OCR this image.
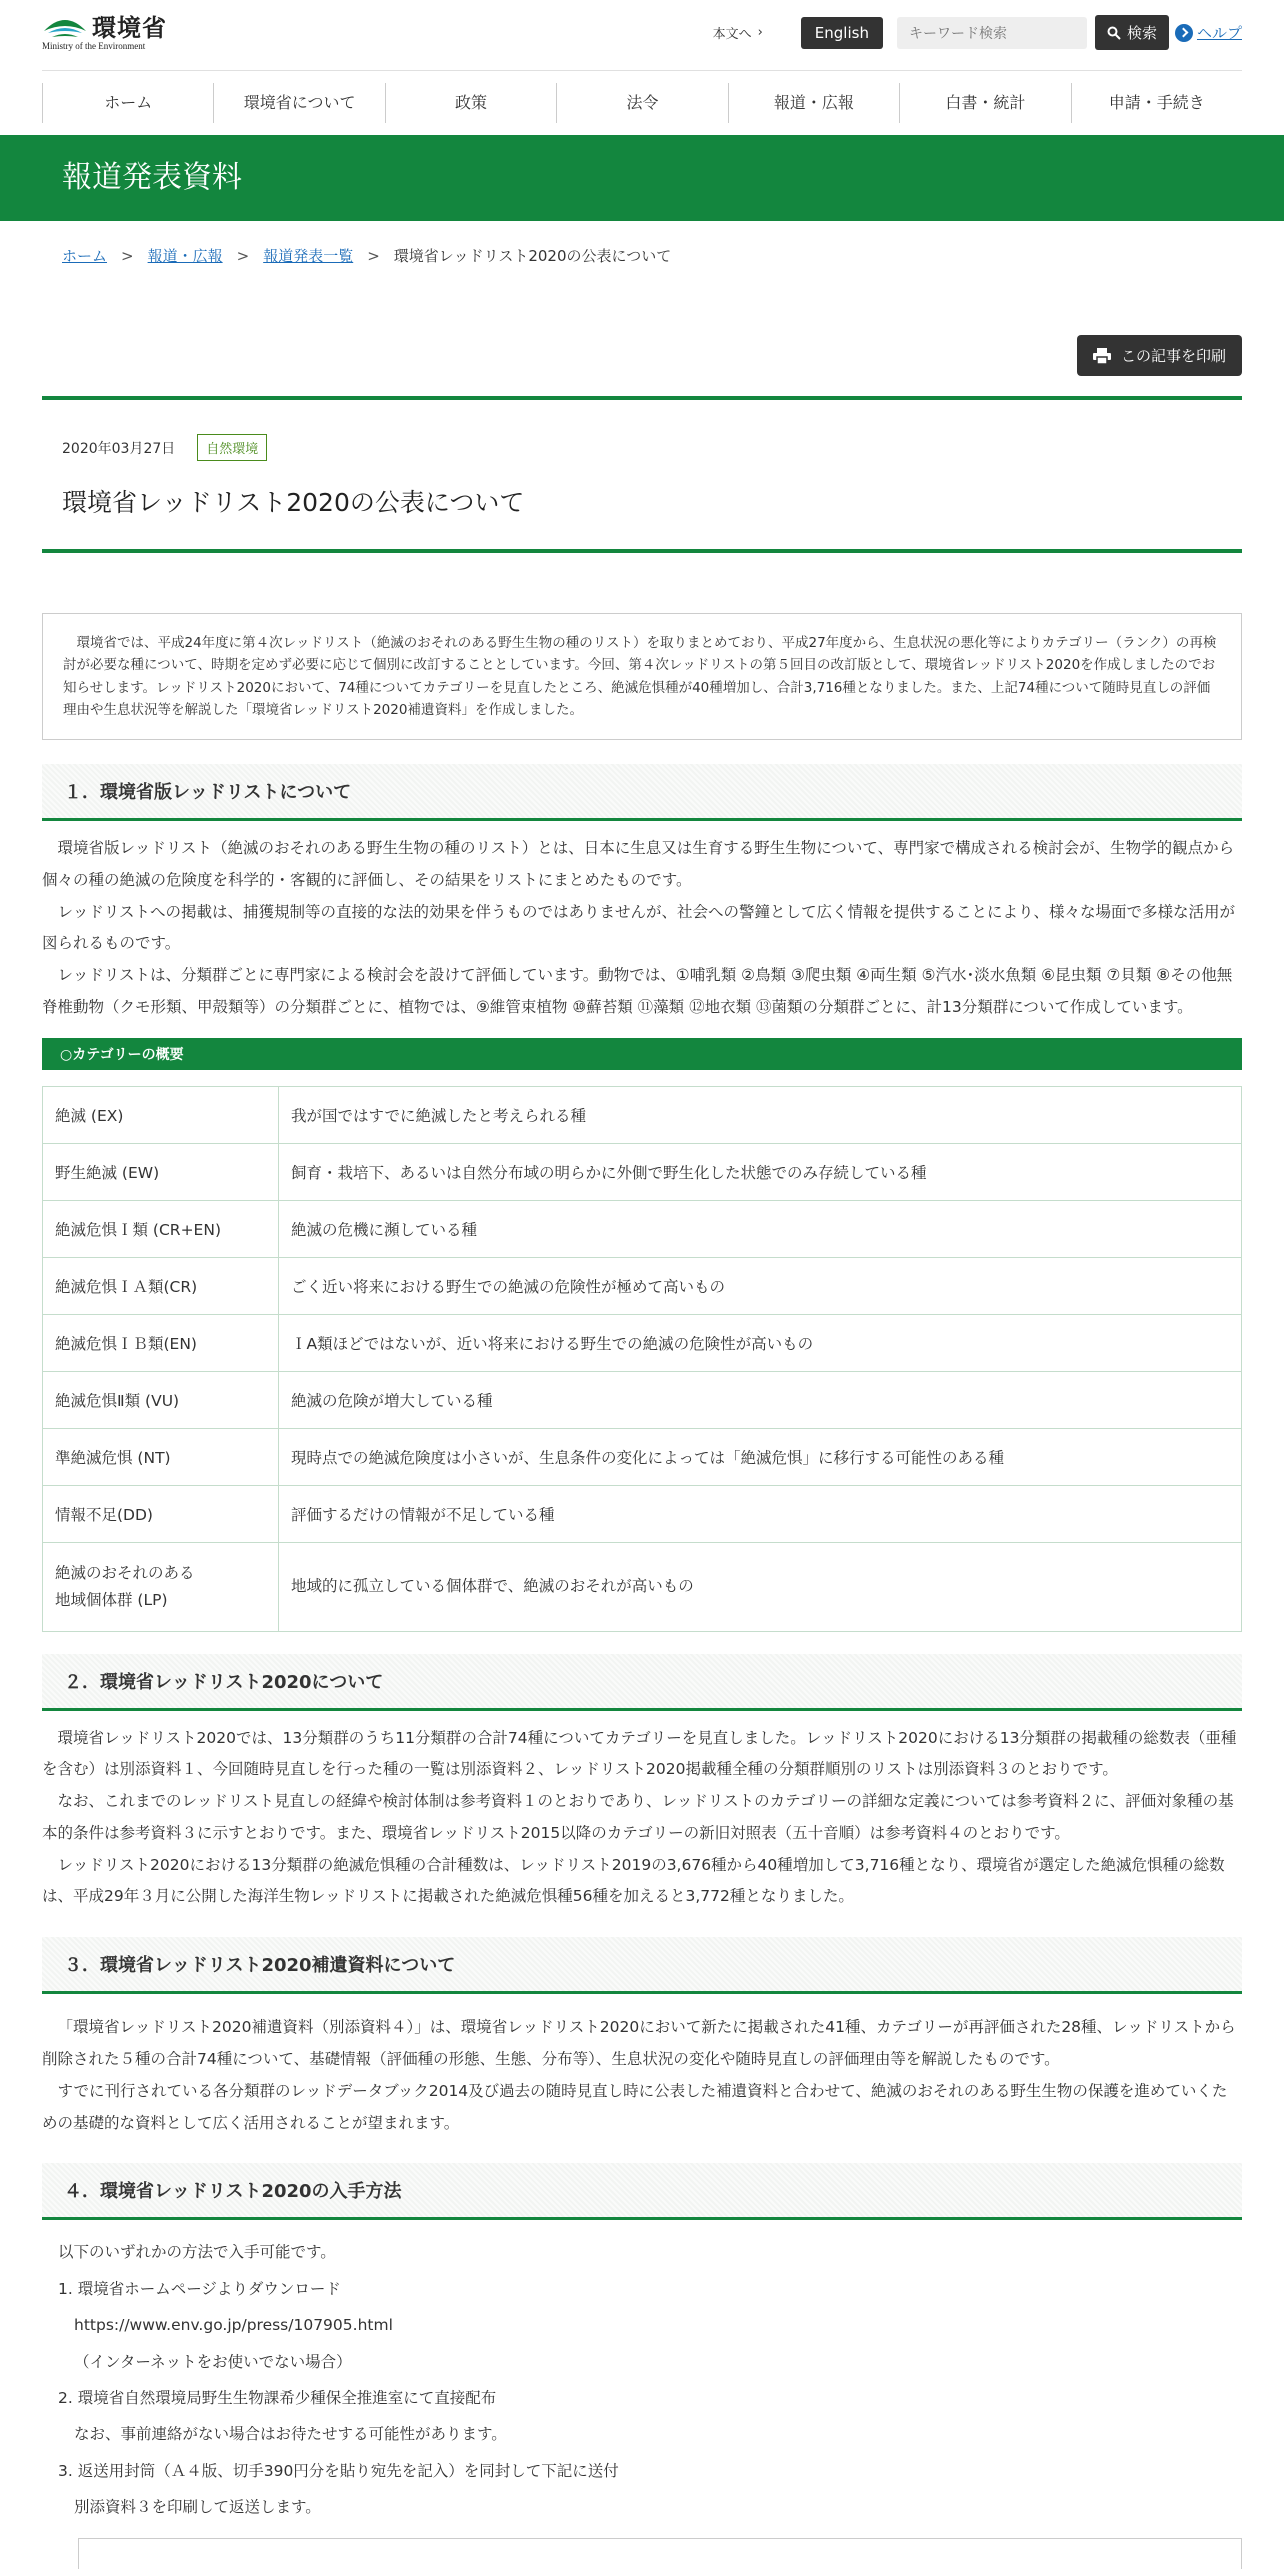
環境省
Ministry of the Environment
本文へ ›	English
キーワード検索	検索	ヘルプ
ホーム	環境省について	政策	法令	報道・広報	白書・統計	申請・手続き
報道発表資料
ホーム > 報道・広報 > 報道発表一覧 > 環境省レッドリスト2020の公表について
この記事を印刷
2020年03月27日	自然環境
環境省レッドリスト2020の公表について

環境省では、平成24年度に第４次レッドリスト（絶滅のおそれのある野生生物の種のリスト）を取りまとめており、平成27年度から、生息状況の悪化等によりカテゴリー（ランク）の再検討が必要な種について、時期を定めず必要に応じて個別に改訂することとしています。今回、第４次レッドリストの第５回目の改訂版として、環境省レッドリスト2020を作成しましたのでお知らせします。レッドリスト2020において、74種についてカテゴリーを見直したところ、絶滅危惧種が40種増加し、合計3,716種となりました。また、上記74種について随時見直しの評価理由や生息状況等を解説した「環境省レッドリスト2020補遺資料」を作成しました。

１．環境省版レッドリストについて

環境省版レッドリスト（絶滅のおそれのある野生生物の種のリスト）とは、日本に生息又は生育する野生生物について、専門家で構成される検討会が、生物学的観点から個々の種の絶滅の危険度を科学的・客観的に評価し、その結果をリストにまとめたものです。

レッドリストへの掲載は、捕獲規制等の直接的な法的効果を伴うものではありませんが、社会への警鐘として広く情報を提供することにより、様々な場面で多様な活用が図られるものです。

レッドリストは、分類群ごとに専門家による検討会を設けて評価しています。動物では、①哺乳類 ②鳥類 ③爬虫類 ④両生類 ⑤汽水･淡水魚類 ⑥昆虫類 ⑦貝類 ⑧その他無脊椎動物（クモ形類、甲殻類等）の分類群ごとに、植物では、⑨維管束植物 ⑩蘚苔類 ⑪藻類 ⑫地衣類 ⑬菌類の分類群ごとに、計13分類群について作成しています。

○カテゴリーの概要
絶滅 (EX)	我が国ではすでに絶滅したと考えられる種
野生絶滅 (EW)	飼育・栽培下、あるいは自然分布域の明らかに外側で野生化した状態でのみ存続している種
絶滅危惧Ｉ類 (CR+EN)	絶滅の危機に瀕している種
絶滅危惧ＩＡ類(CR)	ごく近い将来における野生での絶滅の危険性が極めて高いもの
絶滅危惧ＩＢ類(EN)	ＩA類ほどではないが、近い将来における野生での絶滅の危険性が高いもの
絶滅危惧Ⅱ類 (VU)	絶滅の危険が増大している種
準絶滅危惧 (NT)	現時点での絶滅危険度は小さいが、生息条件の変化によっては「絶滅危惧」に移行する可能性のある種
情報不足(DD)	評価するだけの情報が不足している種
絶滅のおそれのある
地域個体群 (LP)	地域的に孤立している個体群で、絶滅のおそれが高いもの
２．環境省レッドリスト2020について

環境省レッドリスト2020では、13分類群のうち11分類群の合計74種についてカテゴリーを見直しました。レッドリスト2020における13分類群の掲載種の総数表（亜種を含む）は別添資料１、今回随時見直しを行った種の一覧は別添資料２、レッドリスト2020掲載種全種の分類群順別のリストは別添資料３のとおりです。

なお、これまでのレッドリスト見直しの経緯や検討体制は参考資料１のとおりであり、レッドリストのカテゴリーの詳細な定義については参考資料２に、評価対象種の基本的条件は参考資料３に示すとおりです。また、環境省レッドリスト2015以降のカテゴリーの新旧対照表（五十音順）は参考資料４のとおりです。

レッドリスト2020における13分類群の絶滅危惧種の合計種数は、レッドリスト2019の3,676種から40種増加して3,716種となり、環境省が選定した絶滅危惧種の総数は、平成29年３月に公開した海洋生物レッドリストに掲載された絶滅危惧種56種を加えると3,772種となりました。

３．環境省レッドリスト2020補遺資料について

「環境省レッドリスト2020補遺資料（別添資料４）」は、環境省レッドリスト2020において新たに掲載された41種、カテゴリーが再評価された28種、レッドリストから削除された５種の合計74種について、基礎情報（評価種の形態、生態、分布等）、生息状況の変化や随時見直しの評価理由等を解説したものです。

すでに刊行されている各分類群のレッドデータブック2014及び過去の随時見直し時に公表した補遺資料と合わせて、絶滅のおそれのある野生生物の保護を進めていくための基礎的な資料として広く活用されることが望まれます。

４．環境省レッドリスト2020の入手方法
以下のいずれかの方法で入手可能です。
1. 環境省ホームページよりダウンロード
https://www.env.go.jp/press/107905.html
（インターネットをお使いでない場合）
2. 環境省自然環境局野生生物課希少種保全推進室にて直接配布
なお、事前連絡がない場合はお待たせする可能性があります。
3. 返送用封筒（Ａ４版、切手390円分を貼り宛先を記入）を同封して下記に送付
別添資料３を印刷して返送します。
